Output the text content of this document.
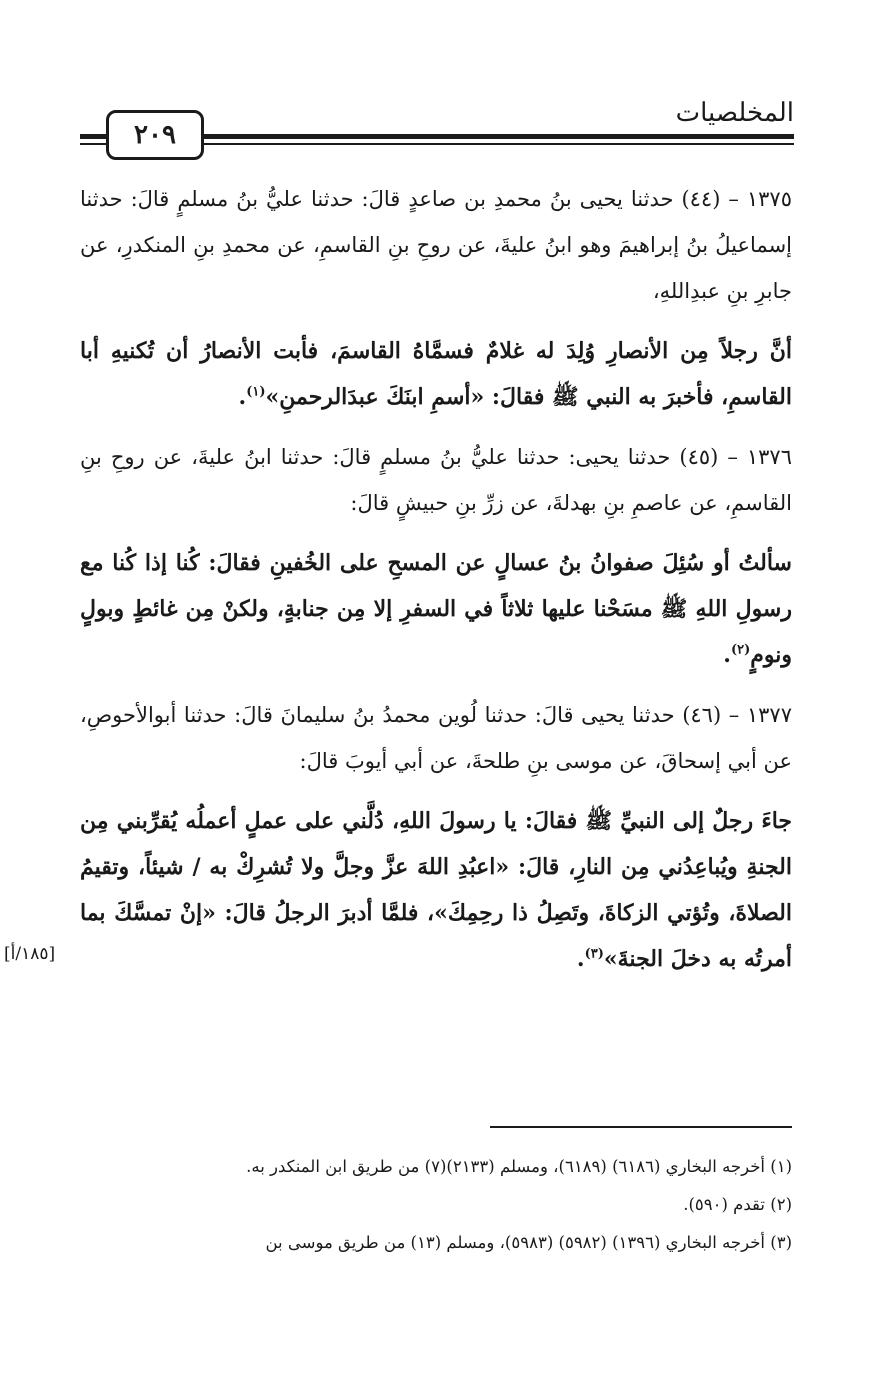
المخلصيات
٢٠٩

١٣٧٥ – (٤٤) حدثنا يحيى بنُ محمدِ بن صاعدٍ قالَ: حدثنا عليُّ بنُ مسلمٍ قالَ: حدثنا إسماعيلُ بنُ إبراهيمَ وهو ابنُ عليةَ، عن روحِ بنِ القاسمِ، عن محمدِ بنِ المنكدرِ، عن جابرِ بنِ عبدِاللهِ،

أنَّ رجلاً مِن الأنصارِ وُلِدَ له غلامٌ فسمَّاهُ القاسمَ، فأبت الأنصارُ أن تُكنيهِ أبا القاسمِ، فأخبرَ به النبي ﷺ فقالَ: «أسمِ ابنَكَ عبدَالرحمنِ»$^{(١)}$.

١٣٧٦ – (٤٥) حدثنا يحيى: حدثنا عليُّ بنُ مسلمٍ قالَ: حدثنا ابنُ عليةَ، عن روحِ بنِ القاسمِ، عن عاصمِ بنِ بهدلةَ، عن زرِّ بنِ حبيشٍ قالَ:

سألتُ أو سُئِلَ صفوانُ بنُ عسالٍ عن المسحِ على الخُفينِ فقالَ: كُنا إذا كُنا مع رسولِ اللهِ ﷺ مسَحْنا عليها ثلاثاً في السفرِ إلا مِن جنابةٍ، ولكنْ مِن غائطٍ وبولٍ ونومٍ$^{(٢)}$.

١٣٧٧ – (٤٦) حدثنا يحيى قالَ: حدثنا لُوين محمدُ بنُ سليمانَ قالَ: حدثنا أبوالأحوصِ، عن أبي إسحاقَ، عن موسى بنِ طلحةَ، عن أبي أيوبَ قالَ:

جاءَ رجلٌ إلى النبيِّ ﷺ فقالَ: يا رسولَ اللهِ، دُلَّني على عملٍ أعملُه يُقرِّبني مِن الجنةِ ويُباعِدُني مِن النارِ، قالَ: «اعبُدِ اللهَ عزَّ وجلَّ ولا تُشرِكْ به / شيئاً، وتقيمُ الصلاةَ، وتُؤتي الزكاةَ، وتَصِلُ ذا رحِمِكَ»، فلمَّا أدبرَ الرجلُ قالَ: «إنْ تمسَّكَ بما أمرتُه به دخلَ الجنةَ»$^{(٣)}$.

[١٨٥/أ]

(١) أخرجه البخاري (٦١٨٦) (٦١٨٩)، ومسلم (٢١٣٣)(٧) من طريق ابن المنكدر به.

(٢) تقدم (٥٩٠).

(٣) أخرجه البخاري (١٣٩٦) (٥٩٨٢) (٥٩٨٣)، ومسلم (١٣) من طريق موسى بن
